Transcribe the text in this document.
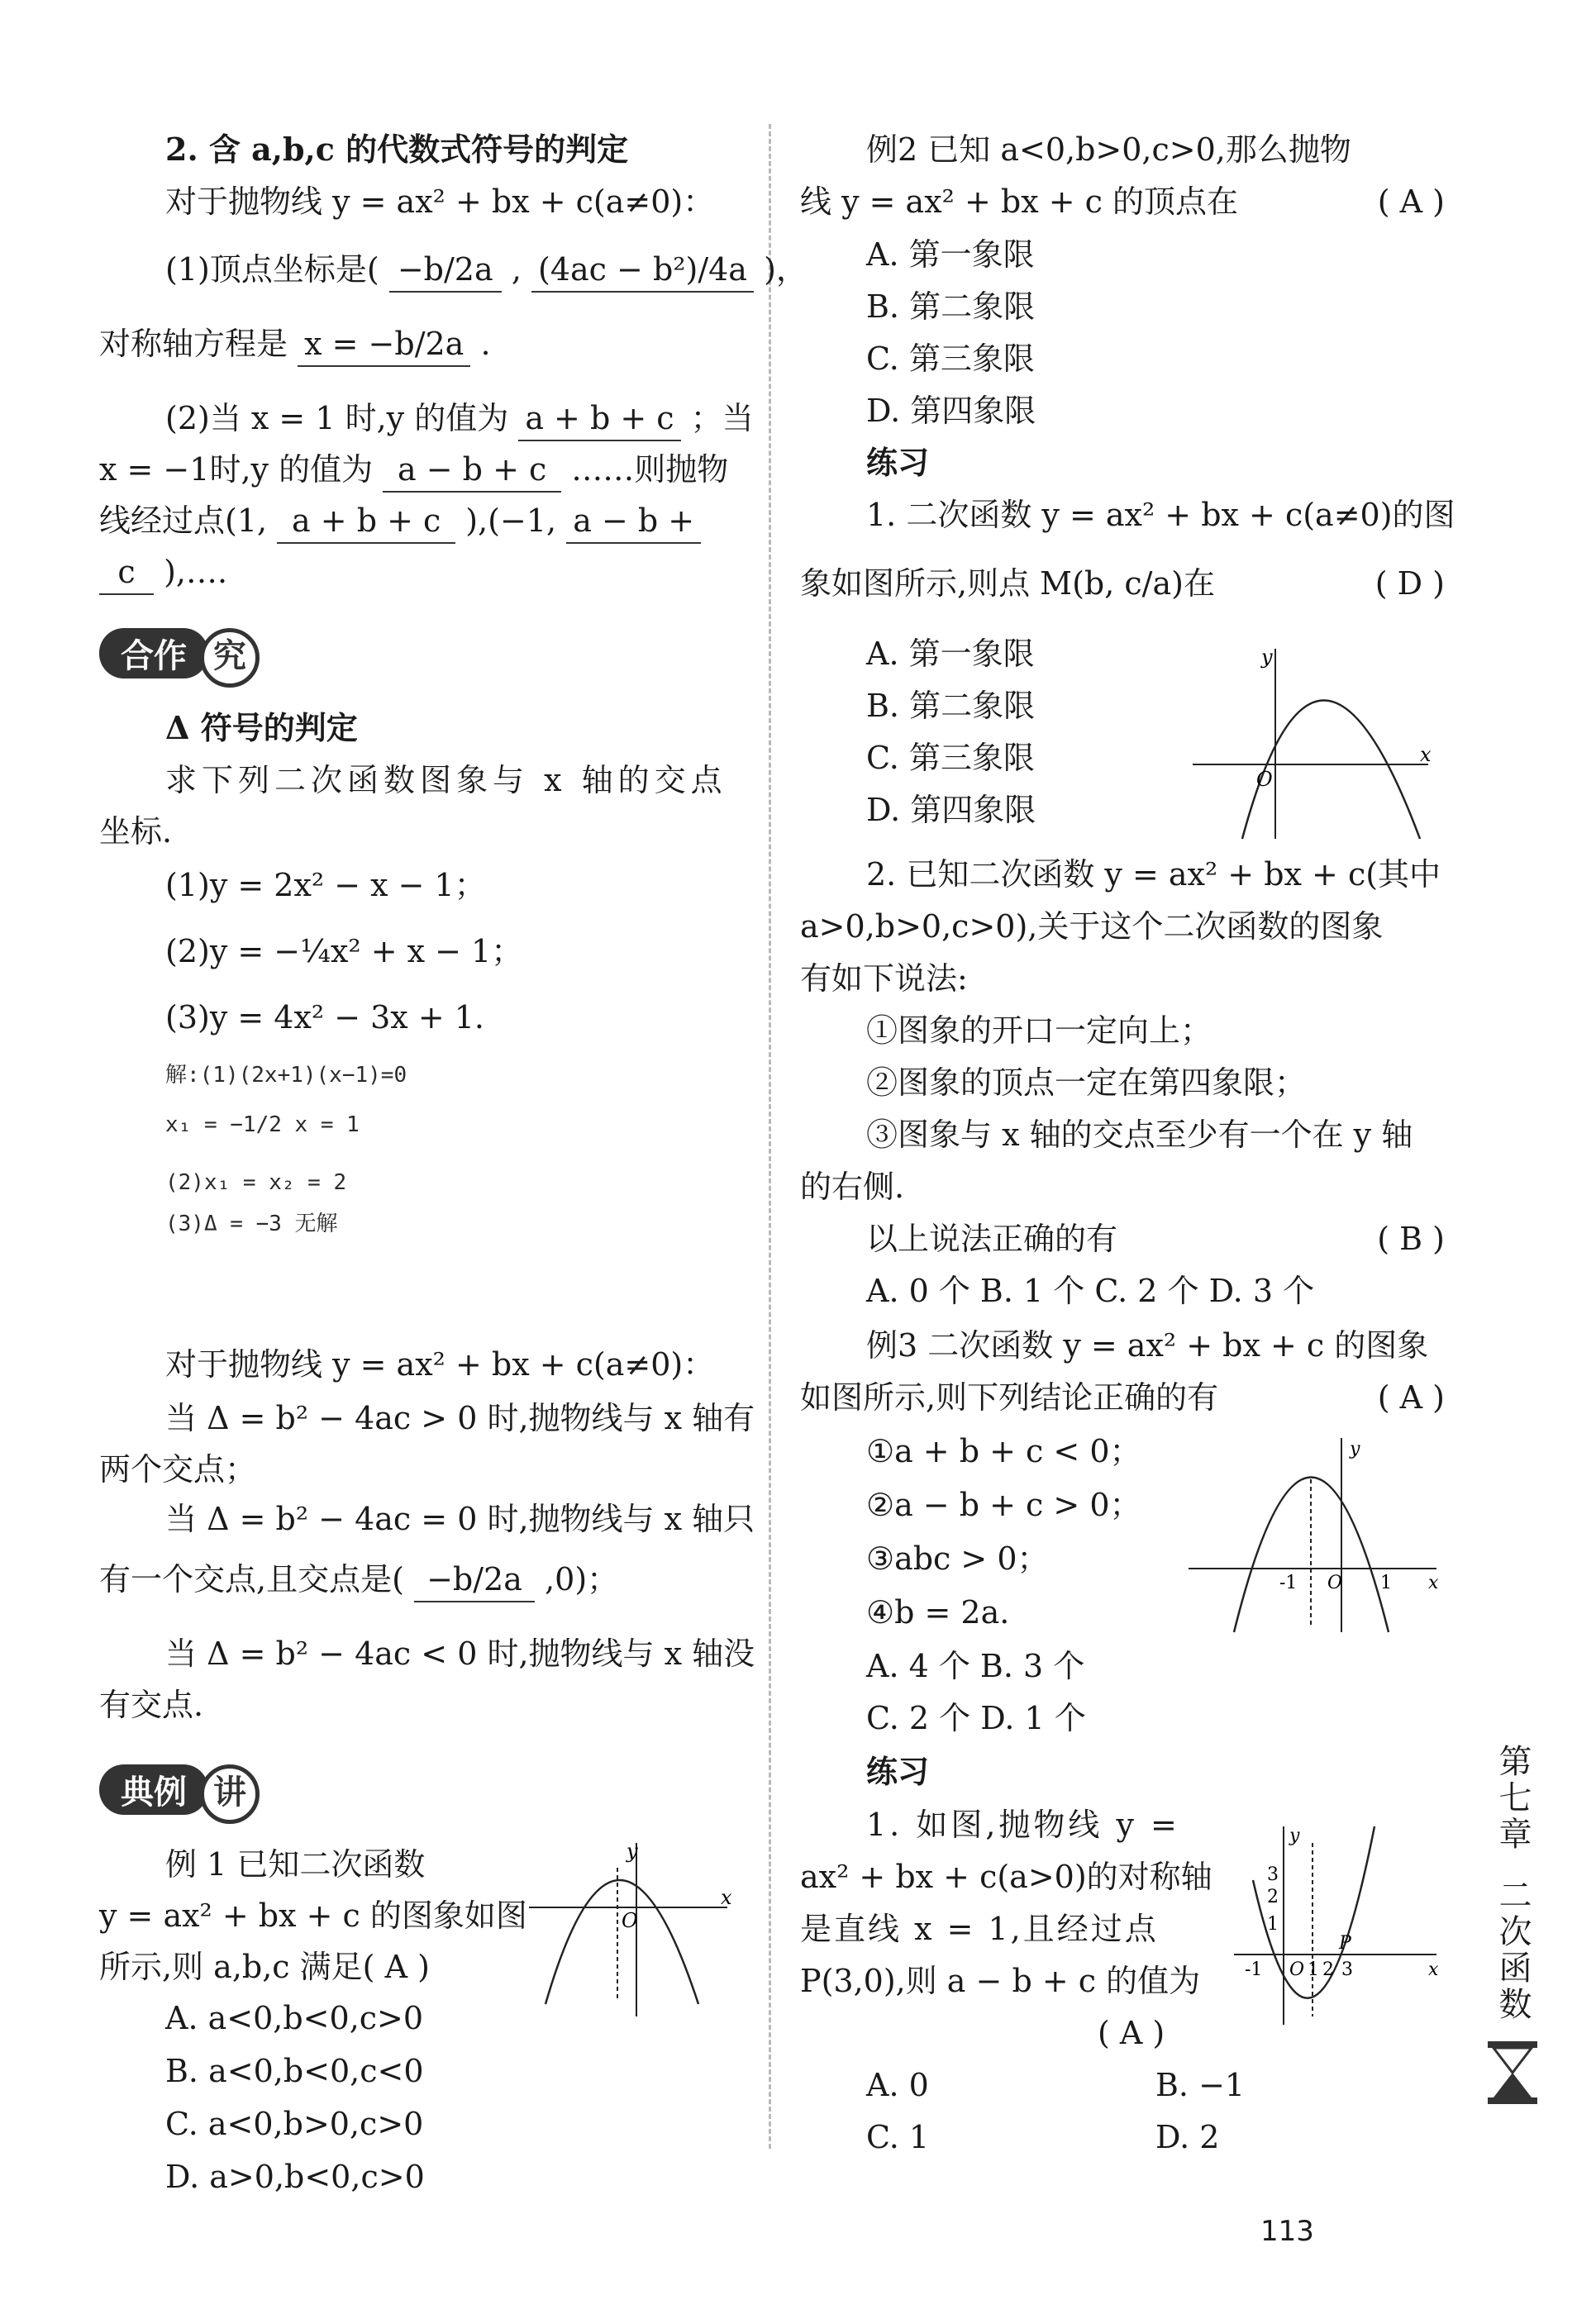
2. 含 a,b,c 的代数式符号的判定
对于抛物线 y = ax² + bx + c(a≠0)：
(1)顶点坐标是( −b/2a , (4ac − b²)/4a )，
对称轴方程是 x = −b/2a .
(2)当 x = 1 时,y 的值为 a + b + c ；当
x = −1时,y 的值为 a − b + c ……则抛物
线经过点(1, a + b + c ),(−1, a − b +
c ),….
合作 究
Δ 符号的判定
求下列二次函数图象与 x 轴的交点
坐标.
(1)y = 2x² − x − 1；
(2)y = −¼x² + x − 1；
(3)y = 4x² − 3x + 1.
解:(1)(2x+1)(x−1)=0
x₁ = −1/2 x = 1
(2)x₁ = x₂ = 2
(3)Δ = −3 无解
对于抛物线 y = ax² + bx + c(a≠0)：
当 Δ = b² − 4ac > 0 时,抛物线与 x 轴有
两个交点；
当 Δ = b² − 4ac = 0 时,抛物线与 x 轴只
有一个交点,且交点是( −b/2a ,0)；
当 Δ = b² − 4ac < 0 时,抛物线与 x 轴没
有交点.
典例 讲
例 1 已知二次函数
y = ax² + bx + c 的图象如图
所示,则 a,b,c 满足( A )
A. a<0,b<0,c>0
B. a<0,b<0,c<0
C. a<0,b>0,c>0
D. a>0,b<0,c>0
x
y
O
例2 已知 a<0,b>0,c>0,那么抛物
线 y = ax² + bx + c 的顶点在	( A )
A. 第一象限
B. 第二象限
C. 第三象限
D. 第四象限
练习
1. 二次函数 y = ax² + bx + c(a≠0)的图
象如图所示,则点 M(b, c/a)在	( D )
A. 第一象限
B. 第二象限
C. 第三象限
D. 第四象限
x
y
O
2. 已知二次函数 y = ax² + bx + c(其中
a>0,b>0,c>0),关于这个二次函数的图象
有如下说法:
①图象的开口一定向上；
②图象的顶点一定在第四象限；
③图象与 x 轴的交点至少有一个在 y 轴
的右侧.
以上说法正确的有	( B )
A. 0 个 B. 1 个 C. 2 个 D. 3 个
例3 二次函数 y = ax² + bx + c 的图象
如图所示,则下列结论正确的有	( A )
①a + b + c < 0；
②a − b + c > 0；
③abc > 0；
④b = 2a.
A. 4 个 B. 3 个
C. 2 个 D. 1 个
x
y
O
-1	1
练习
1. 如图,抛物线 y =
ax² + bx + c(a>0)的对称轴
是直线 x = 1,且经过点
P(3,0),则 a − b + c 的值为
( A )
A. 0	B. −1
C. 1	D. 2
x
y
O
-1 1 2 3
1
2
3
P
第七章
二次函数
113
